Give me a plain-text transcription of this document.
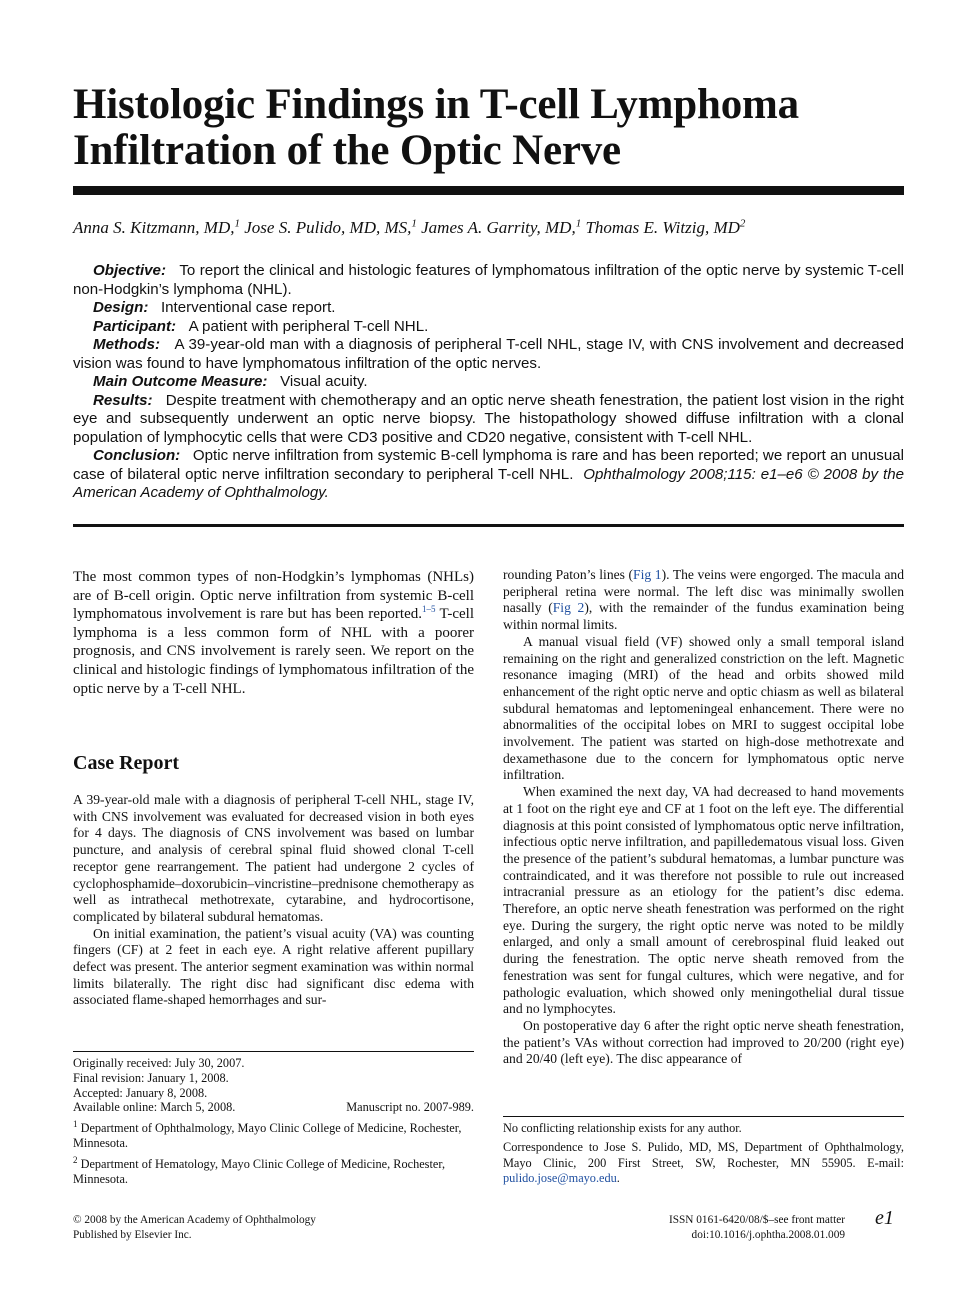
Histologic Findings in T-cell Lymphoma Infiltration of the Optic Nerve
Anna S. Kitzmann, MD,$^1$ Jose S. Pulido, MD, MS,$^1$ James A. Garrity, MD,$^1$ Thomas E. Witzig, $MD^2$

Objective: To report the clinical and histologic features of lymphomatous infiltration of the optic nerve by systemic T-cell non-Hodgkin’s lymphoma (NHL).

Design: Interventional case report.

Participant: A patient with peripheral T-cell NHL.

Methods: A 39-year-old man with a diagnosis of peripheral T-cell NHL, stage IV, with CNS involvement and decreased vision was found to have lymphomatous infiltration of the optic nerves.

Main Outcome Measure: Visual acuity.

Results: Despite treatment with chemotherapy and an optic nerve sheath fenestration, the patient lost vision in the right eye and subsequently underwent an optic nerve biopsy. The histopathology showed diffuse infiltration with a clonal population of lymphocytic cells that were CD3 positive and CD20 negative, consistent with T-cell NHL.

Conclusion: Optic nerve infiltration from systemic B-cell lymphoma is rare and has been reported; we report an unusual case of bilateral optic nerve infiltration secondary to peripheral T-cell NHL. Ophthalmology 2008;115: e1–e6 © 2008 by the American Academy of Ophthalmology.

The most common types of non-Hodgkin’s lymphomas (NHLs) are of B-cell origin. Optic nerve infiltration from systemic B-cell lymphomatous involvement is rare but has been reported.$^{1-5}$ T-cell lymphoma is a less common form of NHL with a poorer prognosis, and CNS involvement is rarely seen. We report on the clinical and histologic findings of lymphomatous infiltration of the optic nerve by a T-cell NHL.

Case Report

A 39-year-old male with a diagnosis of peripheral T-cell NHL, stage IV, with CNS involvement was evaluated for decreased vision in both eyes for 4 days. The diagnosis of CNS involvement was based on lumbar puncture, and analysis of cerebral spinal fluid showed clonal T-cell receptor gene rearrangement. The patient had undergone 2 cycles of cyclophosphamide–doxorubicin–vincristine–prednisone chemotherapy as well as intrathecal methotrexate, cytarabine, and hydrocortisone, complicated by bilateral subdural hematomas.

On initial examination, the patient’s visual acuity (VA) was counting fingers (CF) at 2 feet in each eye. A right relative afferent pupillary defect was present. The anterior segment examination was within normal limits bilaterally. The right disc had significant disc edema with associated flame-shaped hemorrhages and sur-

rounding Paton’s lines (Fig 1). The veins were engorged. The macula and peripheral retina were normal. The left disc was minimally swollen nasally (Fig 2), with the remainder of the fundus examination being within normal limits.

A manual visual field (VF) showed only a small temporal island remaining on the right and generalized constriction on the left. Magnetic resonance imaging (MRI) of the head and orbits showed mild enhancement of the right optic nerve and optic chiasm as well as bilateral subdural hematomas and leptomeningeal enhancement. There were no abnormalities of the occipital lobes on MRI to suggest occipital lobe involvement. The patient was started on high-dose methotrexate and dexamethasone due to the concern for lymphomatous optic nerve infiltration.

When examined the next day, VA had decreased to hand movements at 1 foot on the right eye and CF at 1 foot on the left eye. The differential diagnosis at this point consisted of lymphomatous optic nerve infiltration, infectious optic nerve infiltration, and papilledematous visual loss. Given the presence of the patient’s subdural hematomas, a lumbar puncture was contraindicated, and it was therefore not possible to rule out increased intracranial pressure as an etiology for the patient’s disc edema. Therefore, an optic nerve sheath fenestration was performed on the right eye. During the surgery, the right optic nerve was noted to be mildly enlarged, and only a small amount of cerebrospinal fluid leaked out during the fenestration. The optic nerve sheath removed from the fenestration was sent for fungal cultures, which were negative, and for pathologic evaluation, which showed only meningothelial dural tissue and no lymphocytes.

On postoperative day 6 after the right optic nerve sheath fenestration, the patient’s VAs without correction had improved to 20/200 (right eye) and 20/40 (left eye). The disc appearance of

Originally received: July 30, 2007.

Final revision: January 1, 2008.

Accepted: January 8, 2008.

Available online: March 5, 2008.	Manuscript no. 2007-989.

$^1$ Department of Ophthalmology, Mayo Clinic College of Medicine, Rochester, Minnesota.

$^2$ Department of Hematology, Mayo Clinic College of Medicine, Rochester, Minnesota.

No conflicting relationship exists for any author.

Correspondence to Jose S. Pulido, MD, MS, Department of Ophthalmology, Mayo Clinic, 200 First Street, SW, Rochester, MN 55905. E-mail: pulido.jose@mayo.edu.

© 2008 by the American Academy of Ophthalmology
Published by Elsevier Inc.
ISSN 0161-6420/08/$–see front matter
doi:10.1016/j.ophtha.2008.01.009
e1
